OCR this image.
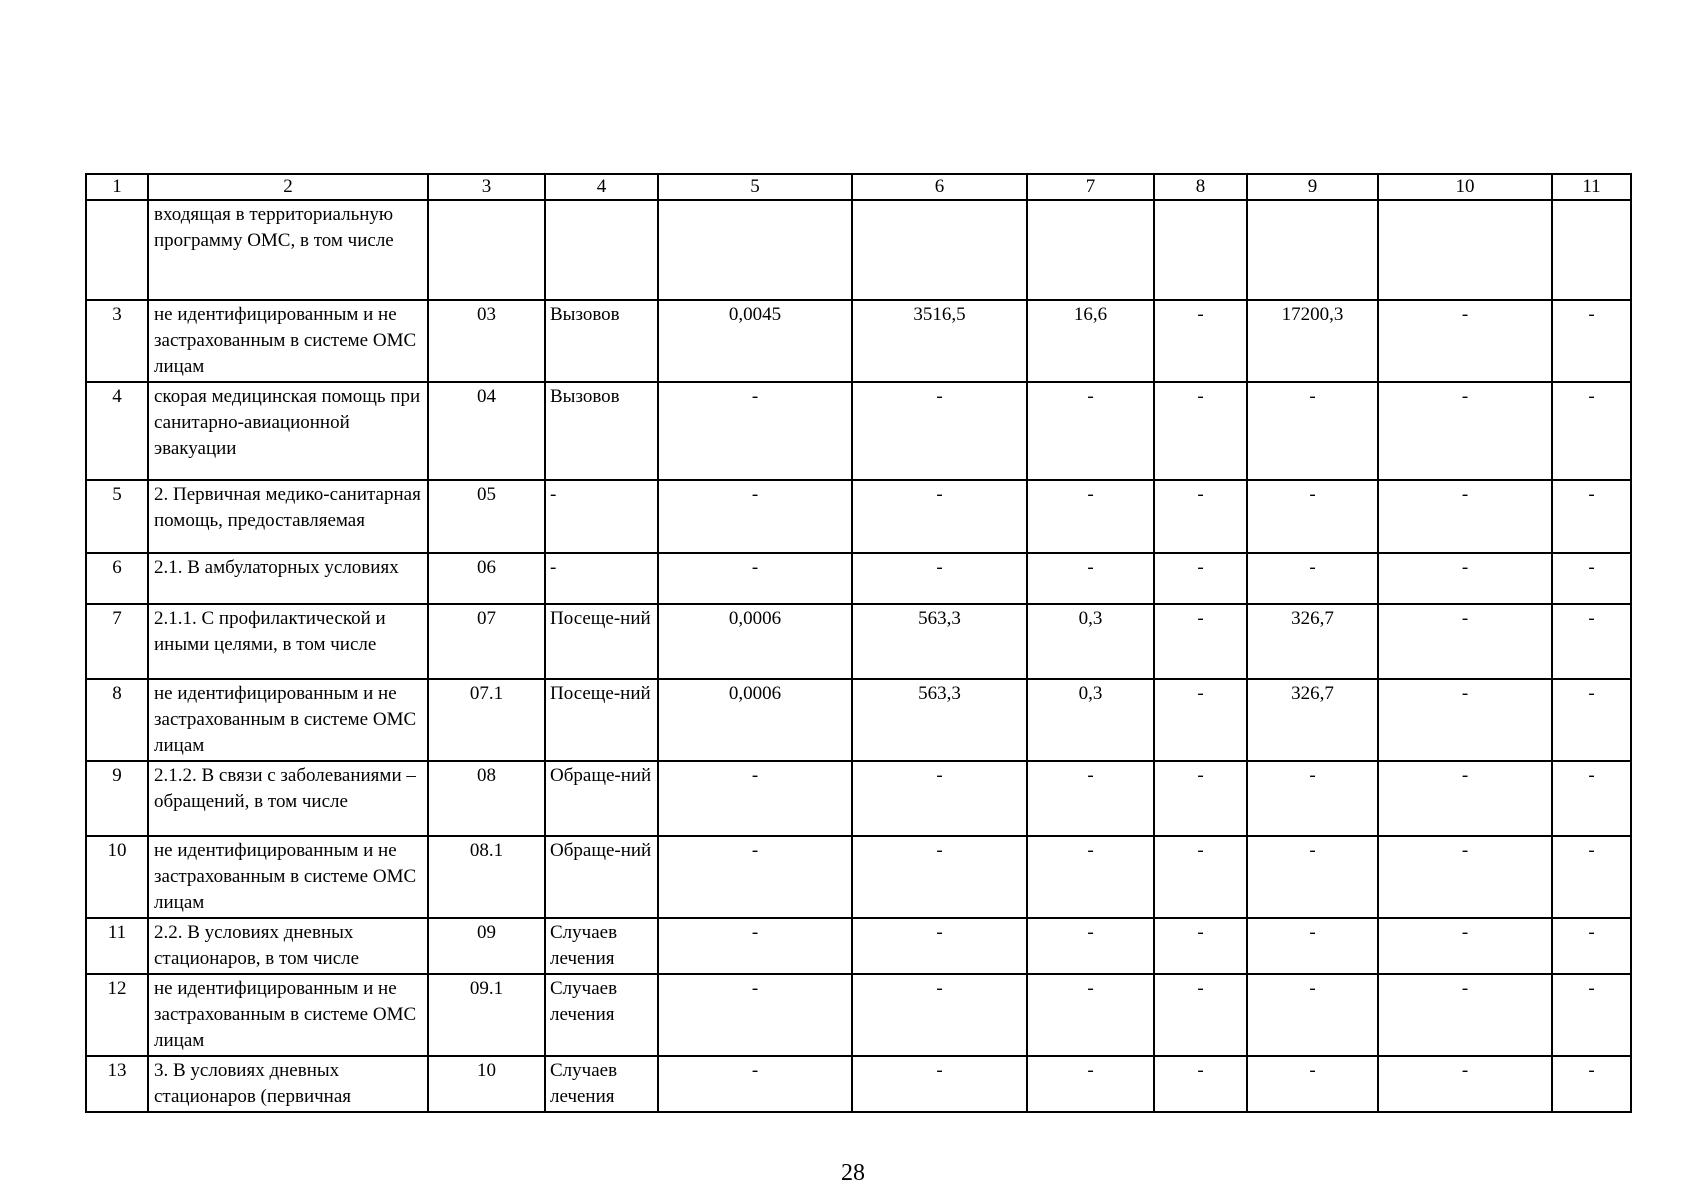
1	2	3	4	5	6	7	8	9	10	11
	входящая в территориальную программу ОМС, в том числе									
3	не идентифицированным и не застрахованным в системе ОМС лицам	03	Вызовов	0,0045	3516,5	16,6	-	17200,3	-	-
4	скорая медицинская помощь при санитарно-авиационной эвакуации	04	Вызовов	-	-	-	-	-	-	-
5	2. Первичная медико-санитарная помощь, предоставляемая	05	-	-	-	-	-	-	-	-
6	2.1. В амбулаторных условиях	06	-	-	-	-	-	-	-	-
7	2.1.1. С профилактической и иными целями, в том числе	07	Посеще-ний	0,0006	563,3	0,3	-	326,7	-	-
8	не идентифицированным и не застрахованным в системе ОМС лицам	07.1	Посеще-ний	0,0006	563,3	0,3	-	326,7	-	-
9	2.1.2. В связи с заболеваниями – обращений, в том числе	08	Обраще-ний	-	-	-	-	-	-	-
10	не идентифицированным и не застрахованным в системе ОМС лицам	08.1	Обраще-ний	-	-	-	-	-	-	-
11	2.2. В условиях дневных стационаров, в том числе	09	Случаев лечения	-	-	-	-	-	-	-
12	не идентифицированным и не застрахованным в системе ОМС лицам	09.1	Случаев лечения	-	-	-	-	-	-	-
13	3. В условиях дневных стационаров (первичная	10	Случаев лечения	-	-	-	-	-	-	-
28
